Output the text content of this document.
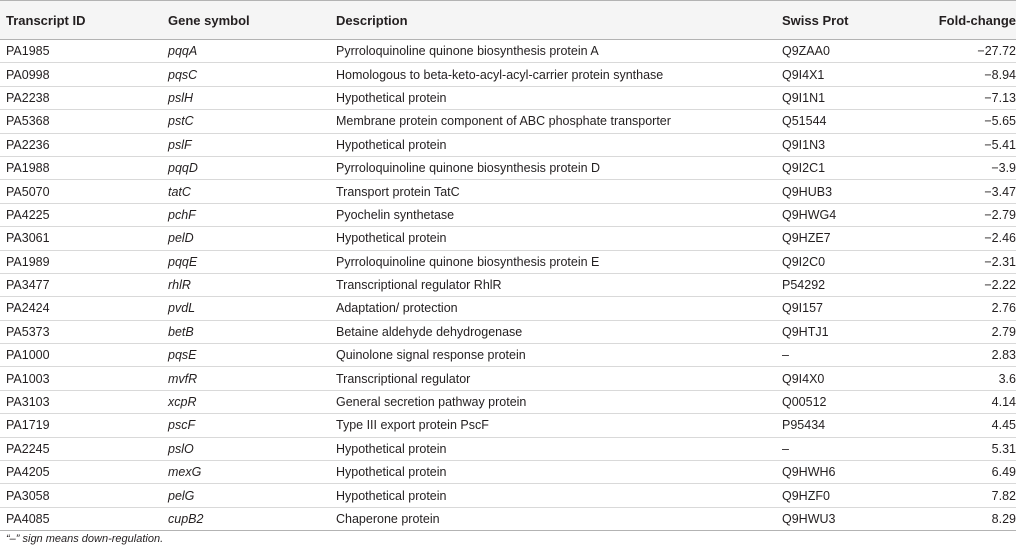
Transcript ID	Gene symbol	Description	Swiss Prot	Fold-change
PA1985	pqqA	Pyrroloquinoline quinone biosynthesis protein A	Q9ZAA0	−27.72
PA0998	pqsC	Homologous to beta-keto-acyl-acyl-carrier protein synthase	Q9I4X1	−8.94
PA2238	pslH	Hypothetical protein	Q9I1N1	−7.13
PA5368	pstC	Membrane protein component of ABC phosphate transporter	Q51544	−5.65
PA2236	pslF	Hypothetical protein	Q9I1N3	−5.41
PA1988	pqqD	Pyrroloquinoline quinone biosynthesis protein D	Q9I2C1	−3.9
PA5070	tatC	Transport protein TatC	Q9HUB3	−3.47
PA4225	pchF	Pyochelin synthetase	Q9HWG4	−2.79
PA3061	pelD	Hypothetical protein	Q9HZE7	−2.46
PA1989	pqqE	Pyrroloquinoline quinone biosynthesis protein E	Q9I2C0	−2.31
PA3477	rhlR	Transcriptional regulator RhlR	P54292	−2.22
PA2424	pvdL	Adaptation/ protection	Q9I157	2.76
PA5373	betB	Betaine aldehyde dehydrogenase	Q9HTJ1	2.79
PA1000	pqsE	Quinolone signal response protein	–	2.83
PA1003	mvfR	Transcriptional regulator	Q9I4X0	3.6
PA3103	xcpR	General secretion pathway protein	Q00512	4.14
PA1719	pscF	Type III export protein PscF	P95434	4.45
PA2245	pslO	Hypothetical protein	–	5.31
PA4205	mexG	Hypothetical protein	Q9HWH6	6.49
PA3058	pelG	Hypothetical protein	Q9HZF0	7.82
PA4085	cupB2	Chaperone protein	Q9HWU3	8.29
“–” sign means down-regulation.
